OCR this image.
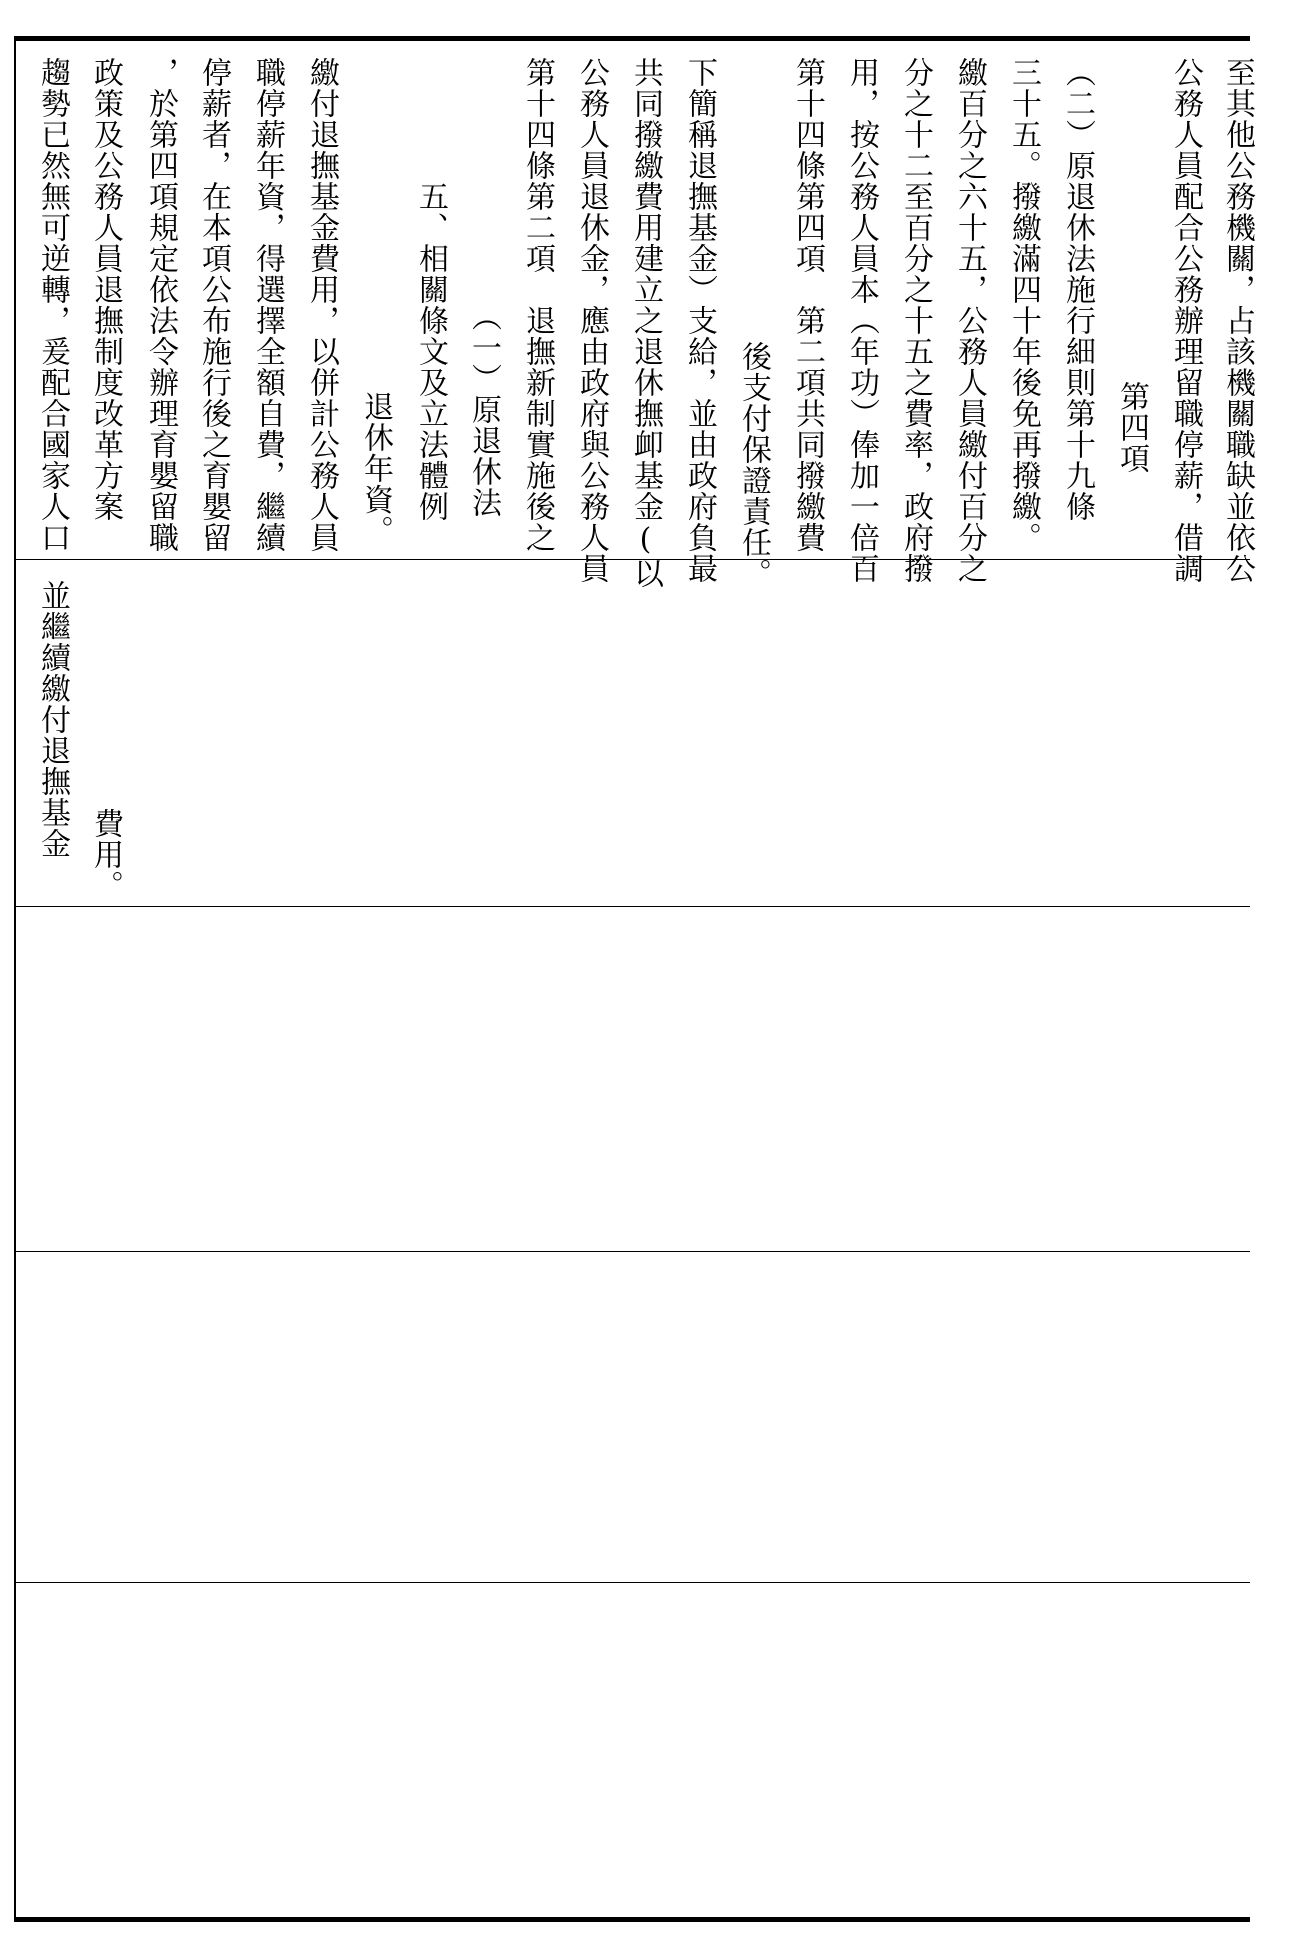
趨勢已然無可逆轉，爰配合國家人口 政策及公務人員退撫制度改革方案 ，於第四項規定依法令辦理育嬰留職 停薪者，在本項公布施行後之育嬰留 職停薪年資，得選擇全額自費，繼續 繳付退撫基金費用，以併計公務人員 退休年資。 五、相關條文及立法體例 （一）原退休法 第十四條第二項　退撫新制實施後之 公務人員退休金，應由政府與公務人員 共同撥繳費用建立之退休撫卹基金(以 下簡稱退撫基金）支給，並由政府負最 後支付保證責任。 第十四條第四項　第二項共同撥繳費 用，按公務人員本（年功）俸加一倍百 分之十二至百分之十五之費率，政府撥 繳百分之六十五，公務人員繳付百分之 三十五。撥繳滿四十年後免再撥繳。 （二）原退休法施行細則第十九條 第四項 公務人員配合公務辦理留職停薪，借調 至其他公務機關，占該機關職缺並依公
並繼續繳付退撫基金 費用。
